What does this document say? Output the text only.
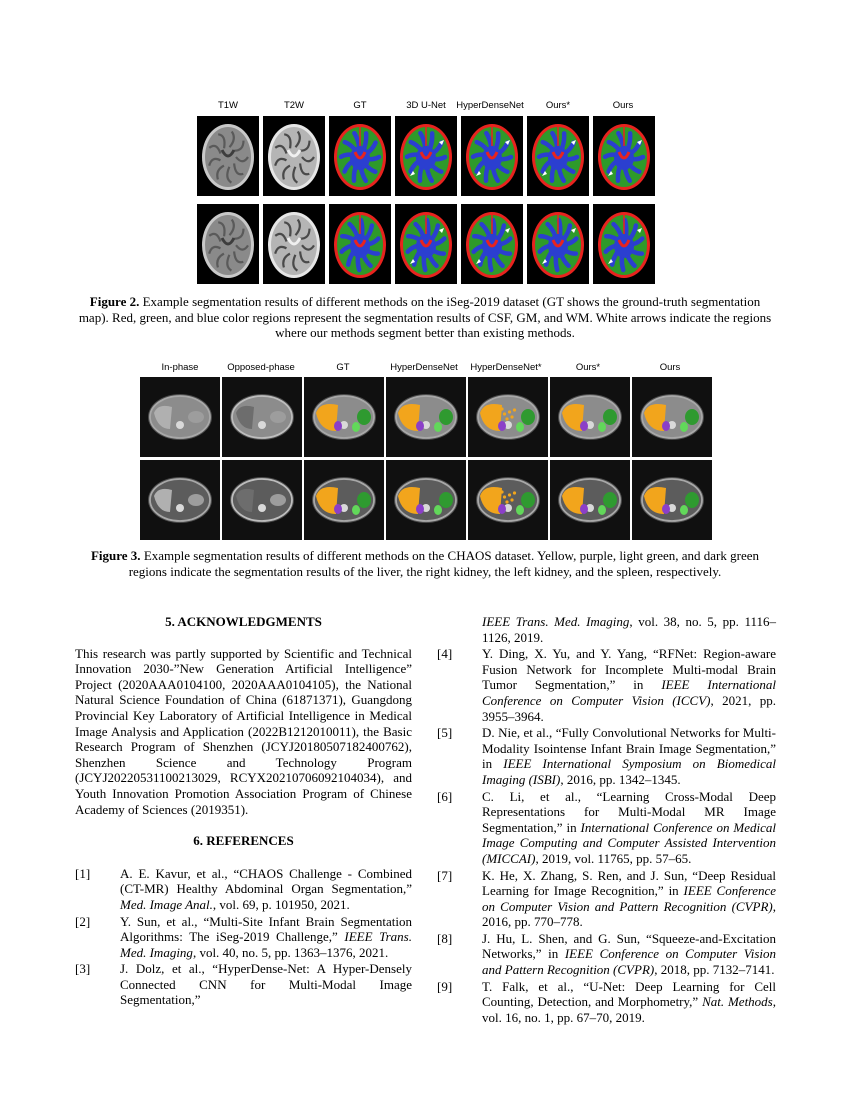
T1W	T2W	GT	3D U-Net	HyperDenseNet	Ours*	Ours
Figure 2. Example segmentation results of different methods on the iSeg-2019 dataset (GT shows the ground-truth segmentation map). Red, green, and blue color regions represent the segmentation results of CSF, GM, and WM. White arrows indicate the regions where our methods segment better than existing methods.
In-phase	Opposed-phase	GT	HyperDenseNet	HyperDenseNet*	Ours*	Ours
Figure 3. Example segmentation results of different methods on the CHAOS dataset. Yellow, purple, light green, and dark green regions indicate the segmentation results of the liver, the right kidney, the left kidney, and the spleen, respectively.
5. ACKNOWLEDGMENTS
This research was partly supported by Scientific and Technical Innovation 2030-”New Generation Artificial Intelligence” Project (2020AAA0104100, 2020AAA0104105), the National Natural Science Foundation of China (61871371), Guangdong Provincial Key Laboratory of Artificial Intelligence in Medical Image Analysis and Application (2022B1212010011), the Basic Research Program of Shenzhen (JCYJ20180507182400762), Shenzhen Science and Technology Program (JCYJ20220531100213029, RCYX20210706092104034), and Youth Innovation Promotion Association Program of Chinese Academy of Sciences (2019351).
6. REFERENCES
[1] A. E. Kavur, et al., “CHAOS Challenge - Combined (CT-MR) Healthy Abdominal Organ Segmentation,” Med. Image Anal., vol. 69, p. 101950, 2021.
[2] Y. Sun, et al., “Multi-Site Infant Brain Segmentation Algorithms: The iSeg-2019 Challenge,” IEEE Trans. Med. Imaging, vol. 40, no. 5, pp. 1363–1376, 2021.
[3] J. Dolz, et al., “HyperDense-Net: A Hyper-Densely Connected CNN for Multi-Modal Image Segmentation,”
IEEE Trans. Med. Imaging, vol. 38, no. 5, pp. 1116–1126, 2019.
[4] Y. Ding, X. Yu, and Y. Yang, “RFNet: Region-aware Fusion Network for Incomplete Multi-modal Brain Tumor Segmentation,” in IEEE International Conference on Computer Vision (ICCV), 2021, pp. 3955–3964.
[5] D. Nie, et al., “Fully Convolutional Networks for Multi-Modality Isointense Infant Brain Image Segmentation,” in IEEE International Symposium on Biomedical Imaging (ISBI), 2016, pp. 1342–1345.
[6] C. Li, et al., “Learning Cross-Modal Deep Representations for Multi-Modal MR Image Segmentation,” in International Conference on Medical Image Computing and Computer Assisted Intervention (MICCAI), 2019, vol. 11765, pp. 57–65.
[7] K. He, X. Zhang, S. Ren, and J. Sun, “Deep Residual Learning for Image Recognition,” in IEEE Conference on Computer Vision and Pattern Recognition (CVPR), 2016, pp. 770–778.
[8] J. Hu, L. Shen, and G. Sun, “Squeeze-and-Excitation Networks,” in IEEE Conference on Computer Vision and Pattern Recognition (CVPR), 2018, pp. 7132–7141.
[9] T. Falk, et al., “U-Net: Deep Learning for Cell Counting, Detection, and Morphometry,” Nat. Methods, vol. 16, no. 1, pp. 67–70, 2019.
